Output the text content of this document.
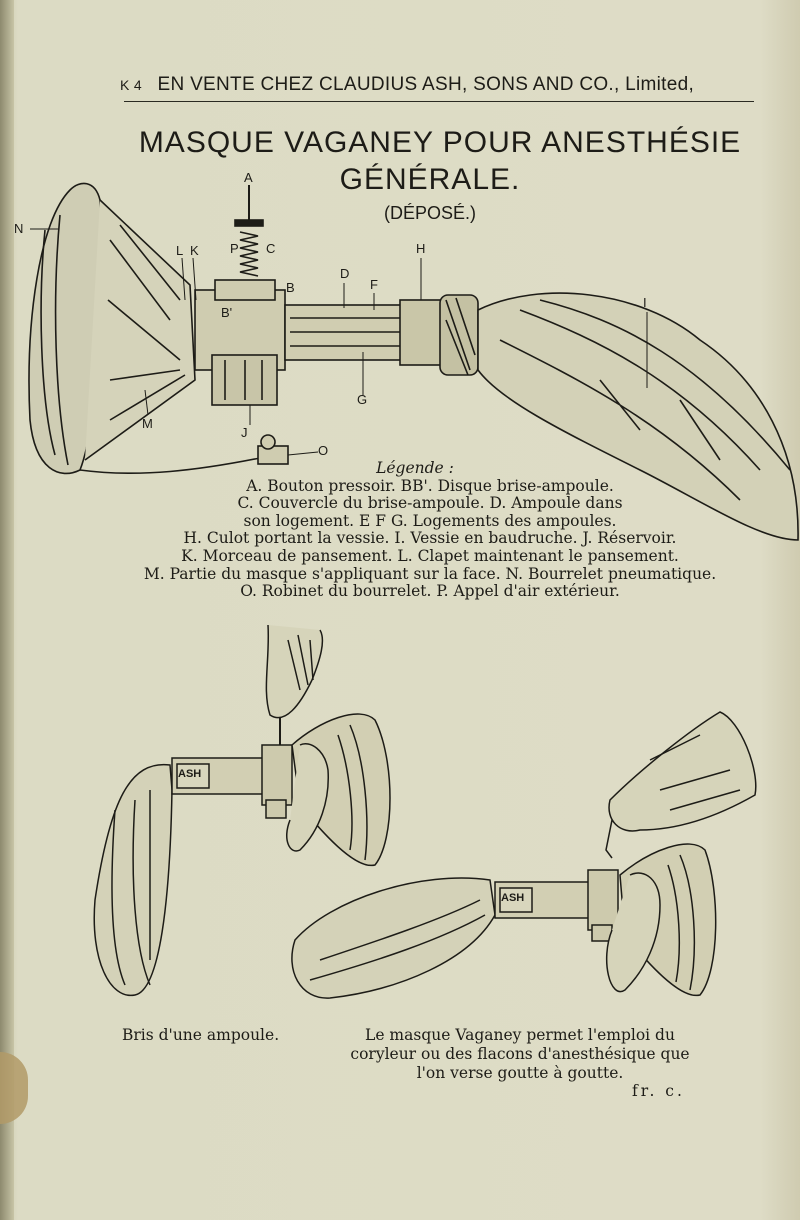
K 4 EN VENTE CHEZ CLAUDIUS ASH, SONS AND CO., Limited,
MASQUE VAGANEY POUR ANESTHÉSIE
GÉNÉRALE.
(DÉPOSÉ.)
A
N
L K P C	H
D
F
B
B'
I
G
M
J
O
ASH
ASH
Légende :
A. Bouton pressoir. BB'. Disque brise-ampoule.
C. Couvercle du brise-ampoule. D. Ampoule dans
son logement. E F G. Logements des ampoules.
H. Culot portant la vessie. I. Vessie en baudruche. J. Réservoir.
K. Morceau de pansement. L. Clapet maintenant le pansement.
M. Partie du masque s'appliquant sur la face. N. Bourrelet pneumatique.
O. Robinet du bourrelet. P. Appel d'air extérieur.
Bris d'une ampoule.	Le masque Vaganey permet l'emploi du coryleur ou des flacons d'anesthésique que l'on verse goutte à goutte.
fr. c.
